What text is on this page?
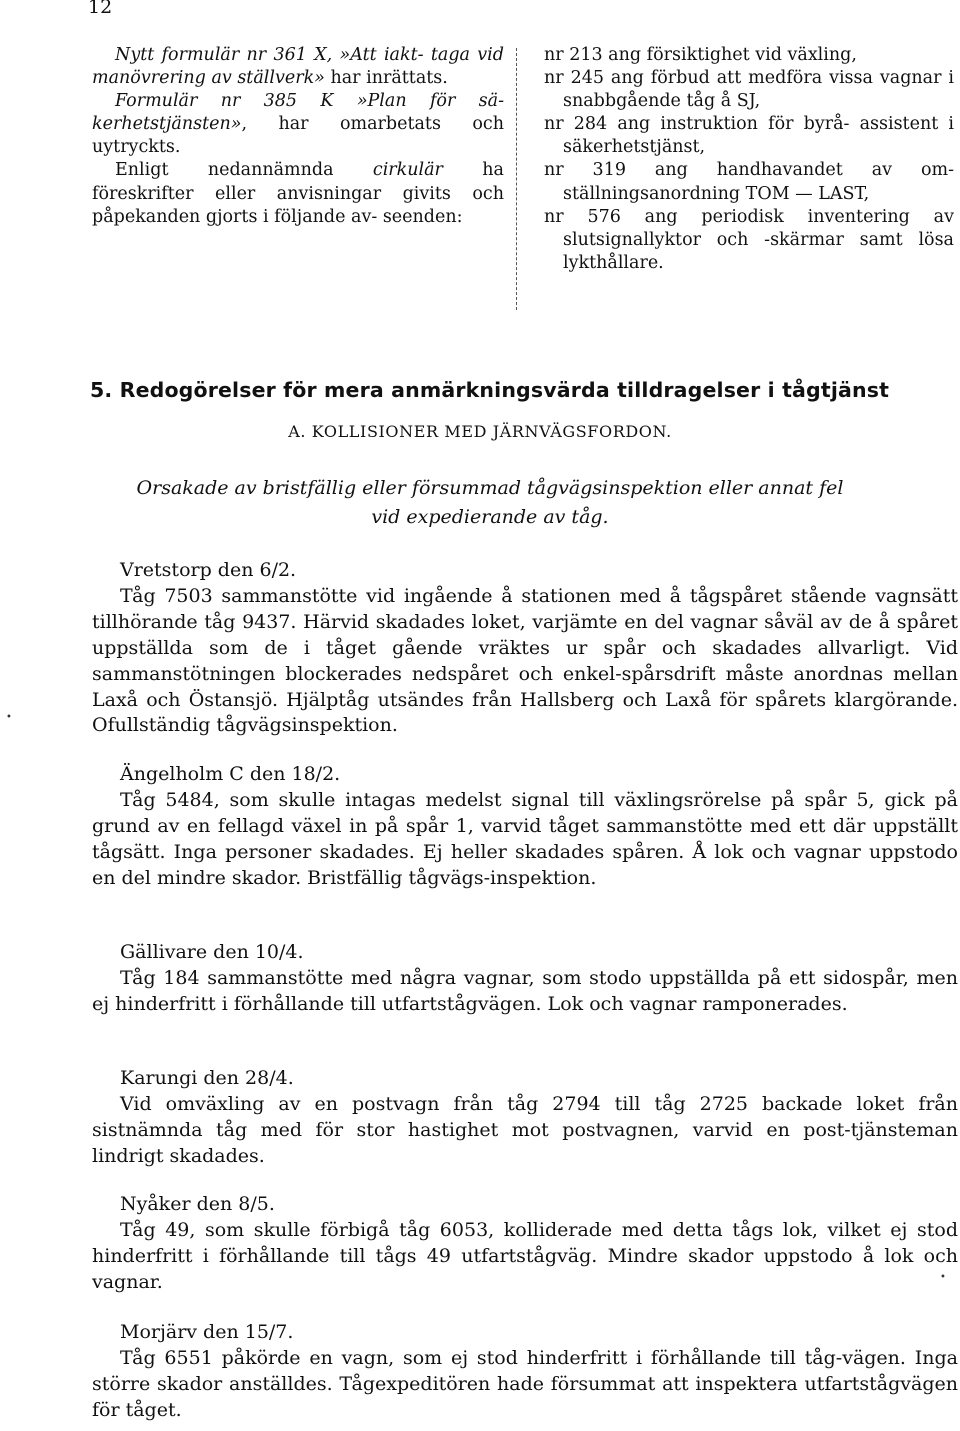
12

Nytt formulär nr 361 X, »Att iakt- taga vid manövrering av ställverk» har inrättats.

Formulär nr 385 K »Plan för sä- kerhetstjänsten», har omarbetats och uytryckts.

Enligt nedannämnda cirkulär ha föreskrifter eller anvisningar givits och påpekanden gjorts i följande av- seenden:

nr 213 ang försiktighet vid växling,

nr 245 ang förbud att medföra vissa vagnar i snabbgående tåg å SJ,

nr 284 ang instruktion för byrå- assistent i säkerhetstjänst,

nr 319 ang handhavandet av om- ställningsanordning TOM — LAST,

nr 576 ang periodisk inventering av slutsignallyktor och -skärmar samt lösa lykthållare.

5. Redogörelser för mera anmärkningsvärda tilldragelser i tågtjänst
A. KOLLISIONER MED JÄRNVÄGSFORDON.
Orsakade av bristfällig eller försummad tågvägsinspektion eller annat fel
vid expedierande av tåg.

Vretstorp den 6/2.

Tåg 7503 sammanstötte vid ingående å stationen med å tågspåret stående vagnsätt tillhörande tåg 9437. Härvid skadades loket, varjämte en del vagnar såväl av de å spåret uppställda som de i tåget gående vräktes ur spår och skadades allvarligt. Vid sammanstötningen blockerades nedspåret och enkel-spårsdrift måste anordnas mellan Laxå och Östansjö. Hjälptåg utsändes från Hallsberg och Laxå för spårets klargörande. Ofullständig tågvägsinspektion.

Ängelholm C den 18/2.

Tåg 5484, som skulle intagas medelst signal till växlingsrörelse på spår 5, gick på grund av en fellagd växel in på spår 1, varvid tåget sammanstötte med ett där uppställt tågsätt. Inga personer skadades. Ej heller skadades spåren. Å lok och vagnar uppstodo en del mindre skador. Bristfällig tågvägs-inspektion.

Gällivare den 10/4.

Tåg 184 sammanstötte med några vagnar, som stodo uppställda på ett sidospår, men ej hinderfritt i förhållande till utfartstågvägen. Lok och vagnar ramponerades.

Karungi den 28/4.

Vid omväxling av en postvagn från tåg 2794 till tåg 2725 backade loket från sistnämnda tåg med för stor hastighet mot postvagnen, varvid en post-tjänsteman lindrigt skadades.

Nyåker den 8/5.

Tåg 49, som skulle förbigå tåg 6053, kolliderade med detta tågs lok, vilket ej stod hinderfritt i förhållande till tågs 49 utfartstågväg. Mindre skador uppstodo å lok och vagnar.

Morjärv den 15/7.

Tåg 6551 påkörde en vagn, som ej stod hinderfritt i förhållande till tåg-vägen. Inga större skador anställdes. Tågexpeditören hade försummat att inspektera utfartstågvägen för tåget.

•
•
